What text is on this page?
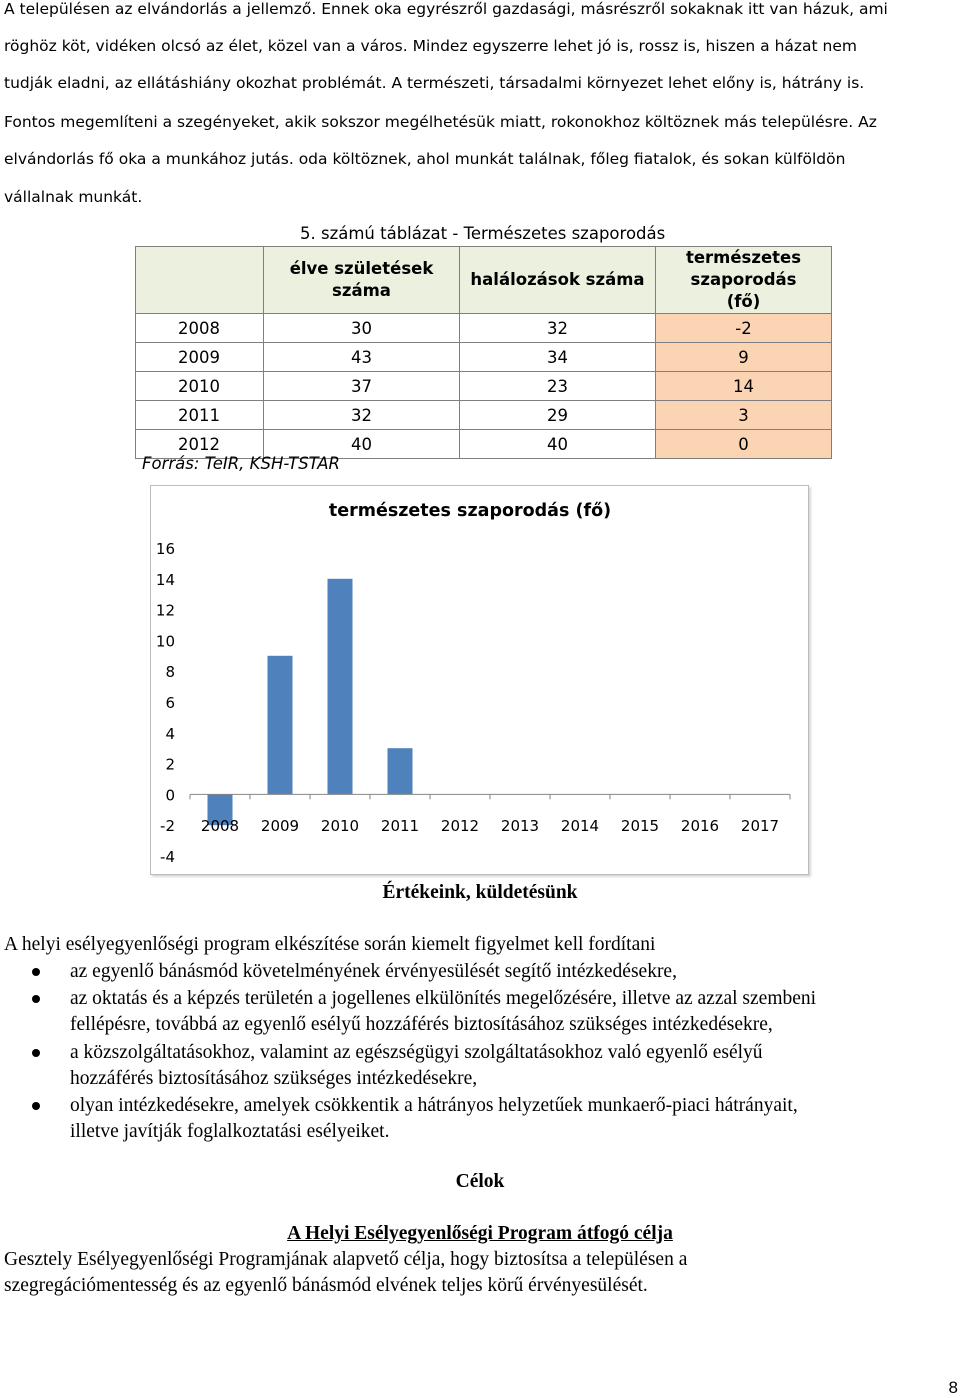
A településen az elvándorlás a jellemző. Ennek oka egyrészről gazdasági, másrészről sokaknak itt van házuk, ami
röghöz köt, vidéken olcsó az élet, közel van a város. Mindez egyszerre lehet jó is, rossz is, hiszen a házat nem
tudják eladni, az ellátáshiány okozhat problémát. A természeti, társadalmi környezet lehet előny is, hátrány is.
Fontos megemlíteni a szegényeket, akik sokszor megélhetésük miatt, rokonokhoz költöznek más településre. Az
elvándorlás fő oka a munkához jutás. oda költöznek, ahol munkát találnak, főleg fiatalok, és sokan külföldön
vállalnak munkát.
5. számú táblázat - Természetes szaporodás
	élve születések
száma	halálozások száma	természetes szaporodás
(fő)
2008	30	32	-2
2009	43	34	9
2010	37	23	14
2011	32	29	3
2012	40	40	0
Forrás: TeIR, KSH-TSTAR
természetes szaporodás (fő)
16
14
12
10
8
6
4
2
0
-2
-4
2008 2009 2010 2011 2012 2013 2014 2015 2016 2017
Értékeink, küldetésünk
A helyi esélyegyenlőségi program elkészítése során kiemelt figyelmet kell fordítani
az egyenlő bánásmód követelményének érvényesülését segítő intézkedésekre,
az oktatás és a képzés területén a jogellenes elkülönítés megelőzésére, illetve az azzal szembeni
fellépésre, továbbá az egyenlő esélyű hozzáférés biztosításához szükséges intézkedésekre,
a közszolgáltatásokhoz, valamint az egészségügyi szolgáltatásokhoz való egyenlő esélyű
hozzáférés biztosításához szükséges intézkedésekre,
olyan intézkedésekre, amelyek csökkentik a hátrányos helyzetűek munkaerő-piaci hátrányait,
illetve javítják foglalkoztatási esélyeiket.
Célok
A Helyi Esélyegyenlőségi Program átfogó célja
Gesztely Esélyegyenlőségi Programjának alapvető célja, hogy biztosítsa a településen a
szegregációmentesség és az egyenlő bánásmód elvének teljes körű érvényesülését.
8
